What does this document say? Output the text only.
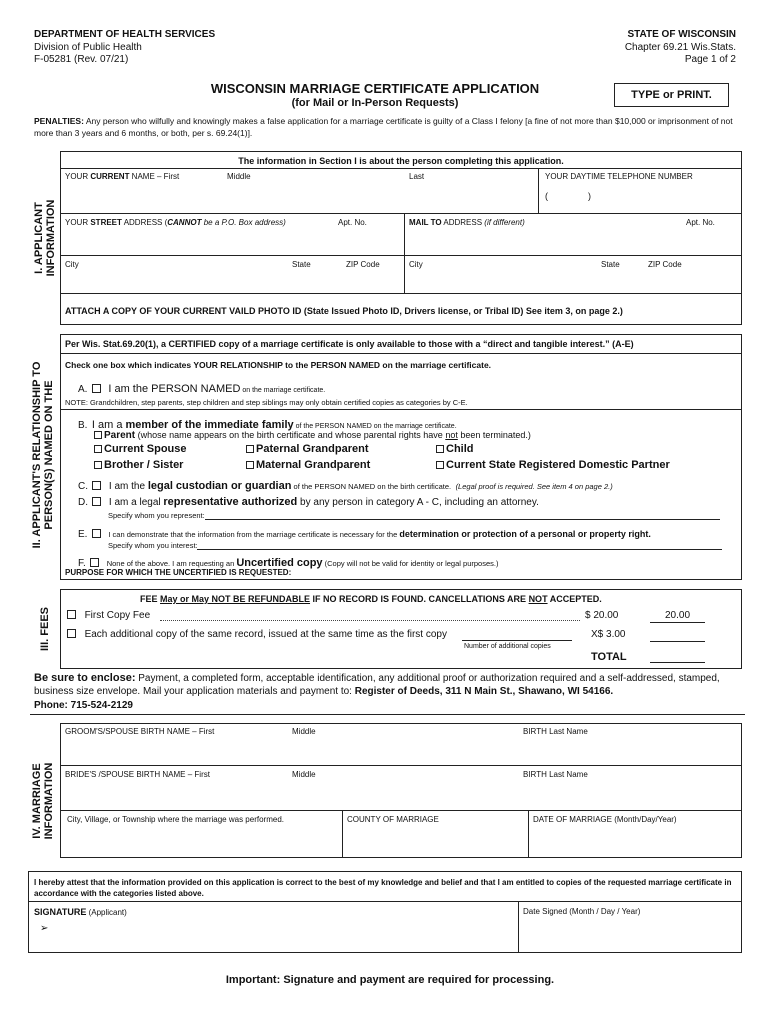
DEPARTMENT OF HEALTH SERVICES
Division of Public Health
F-05281 (Rev. 07/21)
STATE OF WISCONSIN
Chapter 69.21 Wis.Stats.
Page 1 of 2
WISCONSIN MARRIAGE CERTIFICATE APPLICATION
(for Mail or In-Person Requests)
TYPE or PRINT.
PENALTIES: Any person who wilfully and knowingly makes a false application for a marriage certificate is guilty of a Class I felony [a fine of not more than $10,000 or imprisonment of not more than 3 years and 6 months, or both, per s. 69.24(1)].
I. APPLICANT INFORMATION
The information in Section I is about the person completing this application.
YOUR CURRENT NAME – First	Middle	Last	YOUR DAYTIME TELEPHONE NUMBER
(	)
YOUR STREET ADDRESS (CANNOT be a P.O. Box address)	Apt. No.	MAIL TO ADDRESS (if different)	Apt. No.
City	State	ZIP Code	City	State	ZIP Code
ATTACH A COPY OF YOUR CURRENT VAILD PHOTO ID (State Issued Photo ID, Drivers license, or Tribal ID) See item 3, on page 2.)
II. APPLICANT'S RELATIONSHIP TO PERSON(S) NAMED ON THE
Per Wis. Stat.69.20(1), a CERTIFIED copy of a marriage certificate is only available to those with a “direct and tangible interest.” (A-E)
Check one box which indicates YOUR RELATIONSHIP to the PERSON NAMED on the marriage certificate.
A. I am the PERSON NAMED on the marriage certificate.
NOTE: Grandchildren, step parents, step children and step siblings may only obtain certified copies as categories by C-E.
B. I am a member of the immediate family of the PERSON NAMED on the marriage certificate.
Parent (whose name appears on the birth certificate and whose parental rights have not been terminated.)
Current Spouse	Paternal Grandparent	Child
Brother / Sister	Maternal Grandparent	Current State Registered Domestic Partner
C. I am the legal custodian or guardian of the PERSON NAMED on the birth certificate. (Legal proof is required. See item 4 on page 2.)
D. I am a legal representative authorized by any person in category A - C, including an attorney.
Specify whom you represent:
E.	I can demonstrate that the information from the marriage certificate is necessary for the determination or protection of a personal or property right.
Specify whom you interest:
F.	None of the above. I am requesting an Uncertified copy (Copy will not be valid for identity or legal purposes.)
PURPOSE FOR WHICH THE UNCERTIFIED IS REQUESTED:
III. FEES
FEE May or May NOT BE REFUNDABLE IF NO RECORD IS FOUND. CANCELLATIONS ARE NOT ACCEPTED.
First Copy Fee	$ 20.00	20.00
Each additional copy of the same record, issued at the same time as the first copy	X$ 3.00
Number of additional copies
TOTAL
Be sure to enclose: Payment, a completed form, acceptable identification, any additional proof or authorization required and a self-addressed, stamped, business size envelope. Mail your application materials and payment to: Register of Deeds, 311 N Main St., Shawano, WI 54166.
Phone: 715-524-2129
IV. MARRIAGE INFORMATION
GROOM'S/SPOUSE BIRTH NAME – First	Middle	BIRTH Last Name
BRIDE'S /SPOUSE BIRTH NAME – First	Middle	BIRTH Last Name
City, Village, or Township where the marriage was performed.	COUNTY OF MARRIAGE	DATE OF MARRIAGE (Month/Day/Year)
I hereby attest that the information provided on this application is correct to the best of my knowledge and belief and that I am entitled to copies of the requested marriage certificate in accordance with the categories listed above.
SIGNATURE (Applicant)
➢
Date Signed (Month / Day / Year)
Important: Signature and payment are required for processing.
